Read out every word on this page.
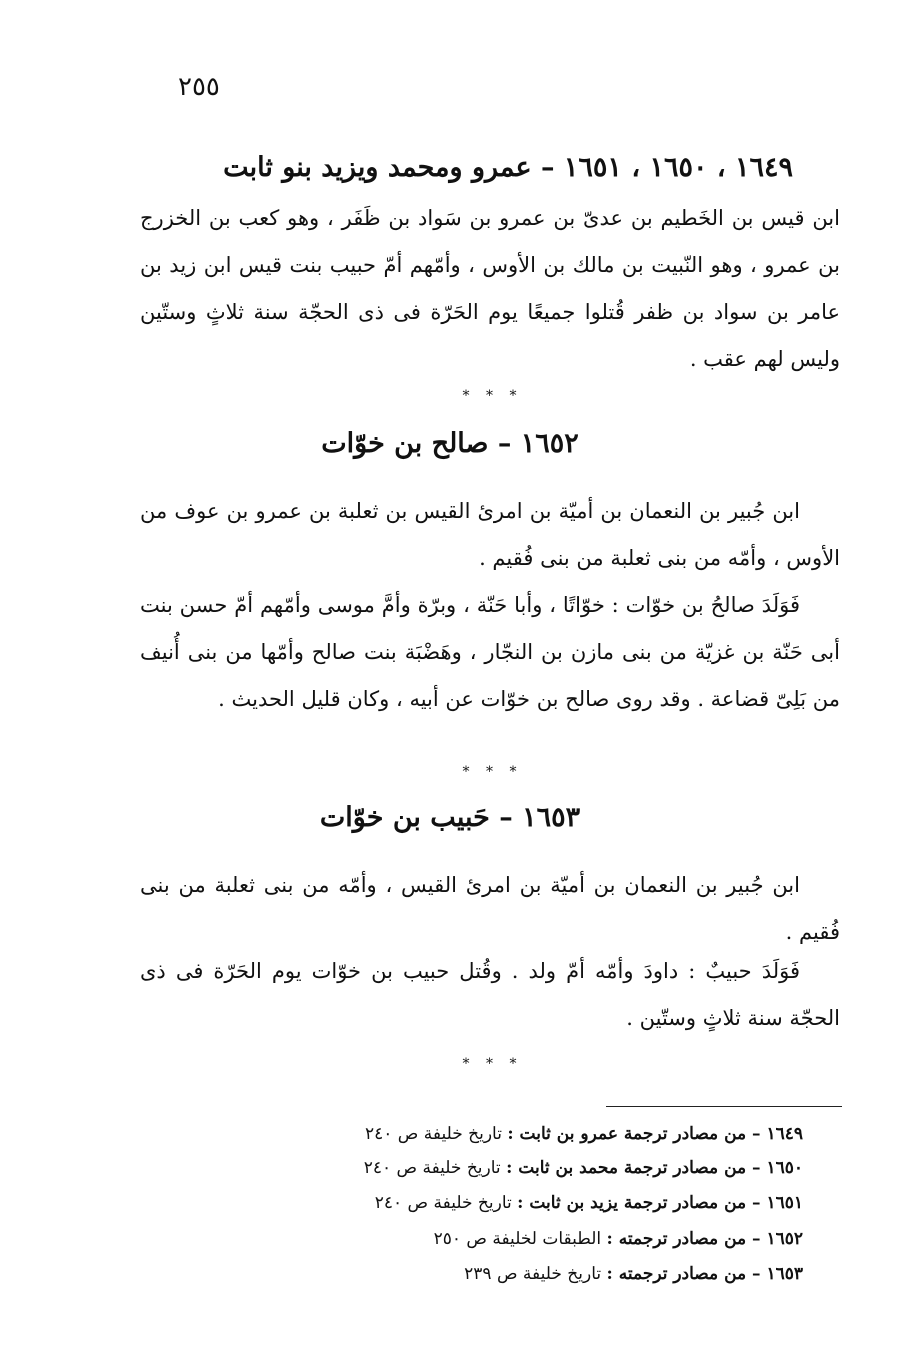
٢٥٥
١٦٤٩ ، ١٦٥٠ ، ١٦٥١ – عمرو ومحمد ويزيد بنو ثابت
ابن قيس بن الخَطيم بن عدىّ بن عمرو بن سَواد بن ظَفَر ، وهو كعب بن الخزرج بن عمرو ، وهو النّبيت بن مالك بن الأوس ، وأمّهم أمّ حبيب بنت قيس ابن زيد بن عامر بن سواد بن ظفر قُتلوا جميعًا يوم الحَرّة فى ذى الحجّة سنة ثلاثٍ وستّين وليس لهم عقب .
* * *
١٦٥٢ – صالح بن خوّات
ابن جُبير بن النعمان بن أميّة بن امرئ القيس بن ثعلبة بن عمرو بن عوف من الأوس ، وأمّه من بنى ثعلبة من بنى فُقيم .
فَوَلَدَ صالحُ بن خوّات : خوّاتًا ، وأبا حَنّة ، وبرّة وأمَّ موسى وأمّهم أمّ حسن بنت أبى حَنّة بن غزيّة من بنى مازن بن النجّار ، وهَضْبَة بنت صالح وأمّها من بنى أُنيف من بَلِىّ قضاعة . وقد روى صالح بن خوّات عن أبيه ، وكان قليل الحديث .
* * *
١٦٥٣ – حَبيب بن خوّات
ابن جُبير بن النعمان بن أميّة بن امرئ القيس ، وأمّه من بنى ثعلبة من بنى فُقيم .
فَوَلَدَ حبيبٌ : داودَ وأمّه أمّ ولد . وقُتل حبيب بن خوّات يوم الحَرّة فى ذى الحجّة سنة ثلاثٍ وستّين .
* * *
١٦٤٩ – من مصادر ترجمة عمرو بن ثابت : تاريخ خليفة ص ٢٤٠
١٦٥٠ – من مصادر ترجمة محمد بن ثابت : تاريخ خليفة ص ٢٤٠
١٦٥١ – من مصادر ترجمة يزيد بن ثابت : تاريخ خليفة ص ٢٤٠
١٦٥٢ – من مصادر ترجمته : الطبقات لخليفة ص ٢٥٠
١٦٥٣ – من مصادر ترجمته : تاريخ خليفة ص ٢٣٩
